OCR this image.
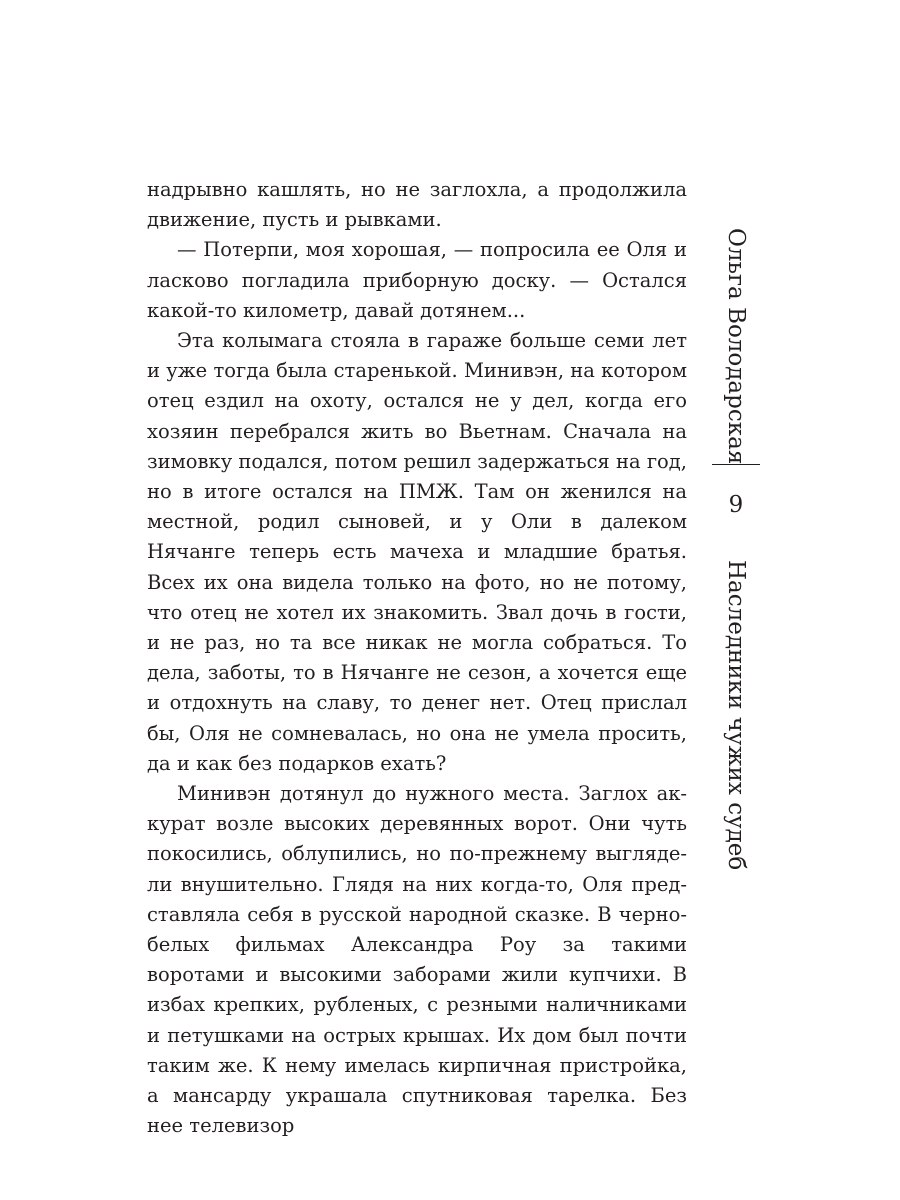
надрывно кашлять, но не заглохла, а продолжила движение, пусть и рывками.

— Потерпи, моя хорошая, — попросила ее Оля и ласково погладила приборную доску. — Остался какой-то километр, давай дотянем...

Эта колымага стояла в гараже больше семи лет и уже тогда была старенькой. Минивэн, на котором отец ездил на охоту, остался не у дел, когда его хозяин перебрался жить во Вьетнам. Сначала на зимовку подался, потом решил задержаться на год, но в итоге остался на ПМЖ. Там он женился на местной, родил сыновей, и у Оли в далеком Нячанге теперь есть мачеха и младшие братья. Всех их она видела только на фото, но не потому, что отец не хотел их знакомить. Звал дочь в гости, и не раз, но та все никак не могла собраться. То дела, заботы, то в Нячанге не сезон, а хочется еще и отдохнуть на славу, то денег нет. Отец прислал бы, Оля не сомневалась, но она не умела просить, да и как без подарков ехать?

Минивэн дотянул до нужного места. Заглох аккурат возле высоких деревянных ворот. Они чуть покосились, облупились, но по-прежнему выглядели внушительно. Глядя на них когда-то, Оля представляла себя в русской народной сказке. В чернобелых фильмах Александра Роу за такими воротами и высокими заборами жили купчихи. В избах крепких, рубленых, с резными наличниками и петушками на острых крышах. Их дом был почти таким же. К нему имелась кирпичная пристройка, а мансарду украшала спутниковая тарелка. Без нее телевизор

Ольга Володарская
9
Наследники чужих судеб
